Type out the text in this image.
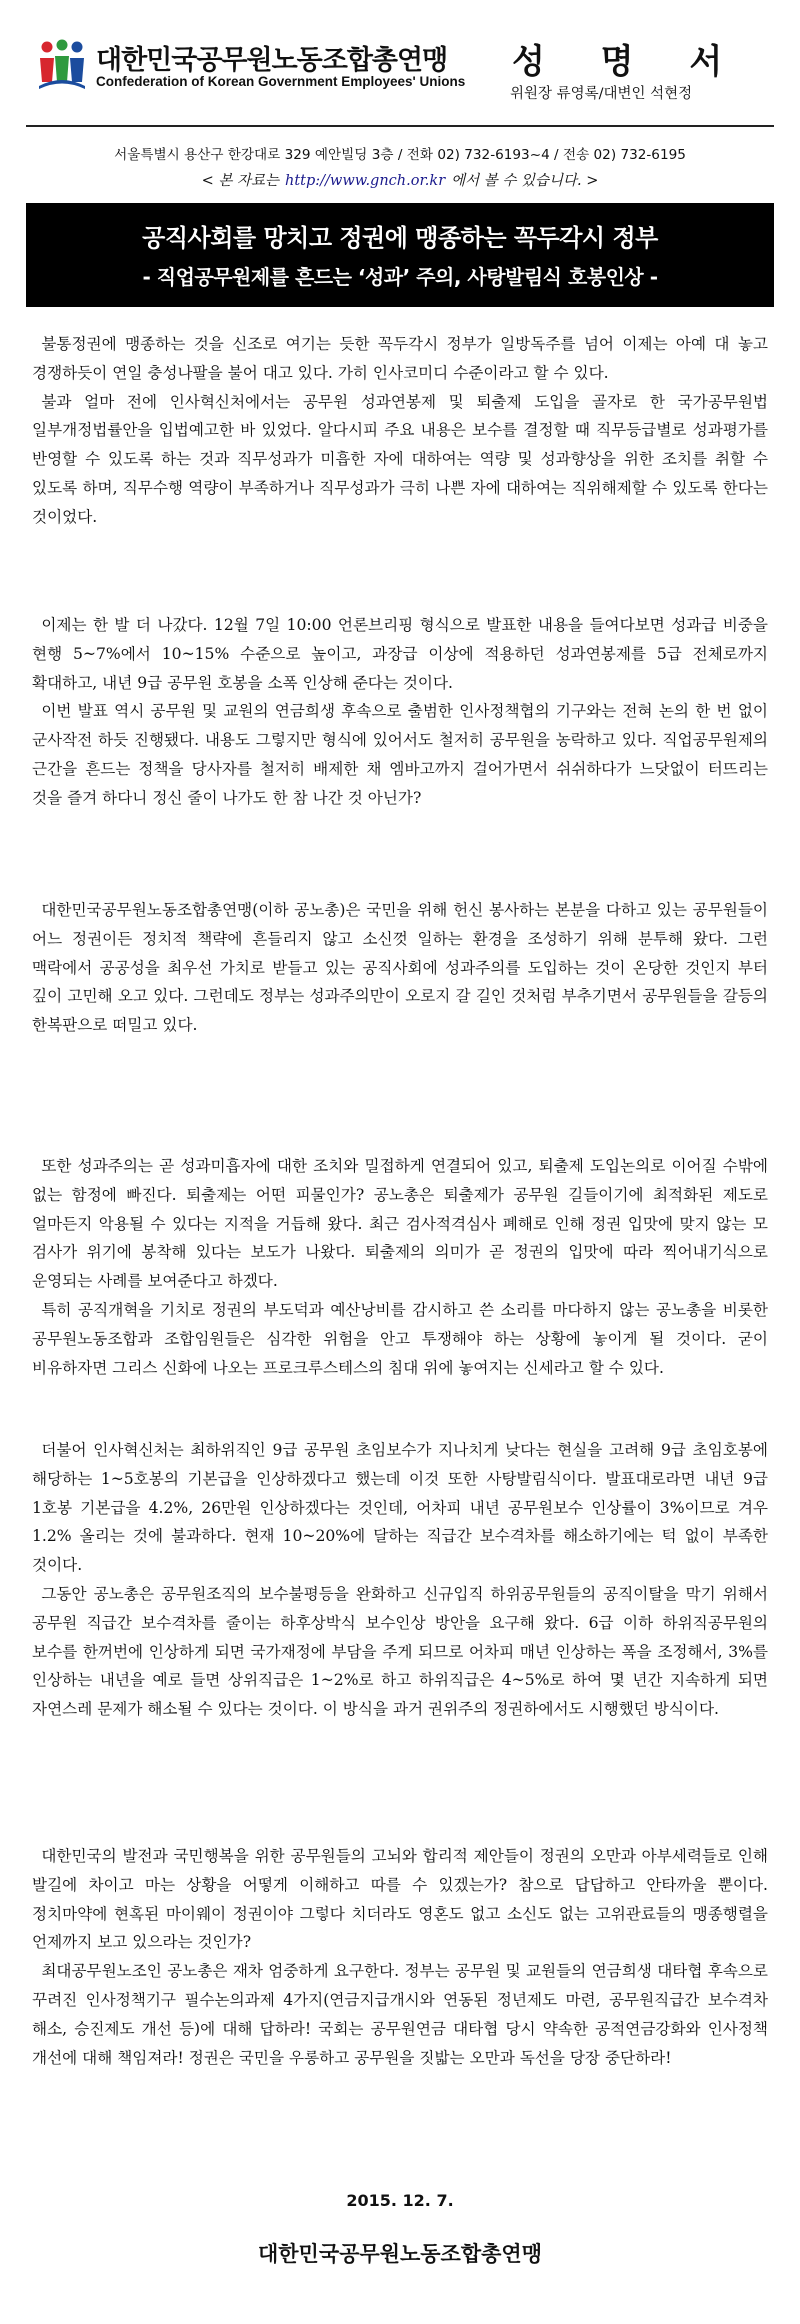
대한민국공무원노동조합총연맹
Confederation of Korean Government Employees' Unions 성 명 서
위원장 류영록/대변인 석현정
서울특별시 용산구 한강대로 329 예안빌딩 3층 / 전화 02) 732-6193~4 / 전송 02) 732-6195
< 본 자료는 http://www.gnch.or.kr 에서 볼 수 있습니다. >
공직사회를 망치고 정권에 맹종하는 꼭두각시 정부
- 직업공무원제를 흔드는 ‘성과’ 주의, 사탕발림식 호봉인상 -

불통정권에 맹종하는 것을 신조로 여기는 듯한 꼭두각시 정부가 일방독주를 넘어 이제는 아예 대 놓고 경쟁하듯이 연일 충성나팔을 불어 대고 있다. 가히 인사코미디 수준이라고 할 수 있다.

불과 얼마 전에 인사혁신처에서는 공무원 성과연봉제 및 퇴출제 도입을 골자로 한 국가공무원법 일부개정법률안을 입법예고한 바 있었다. 알다시피 주요 내용은 보수를 결정할 때 직무등급별로 성과평가를 반영할 수 있도록 하는 것과 직무성과가 미흡한 자에 대하여는 역량 및 성과향상을 위한 조치를 취할 수 있도록 하며, 직무수행 역량이 부족하거나 직무성과가 극히 나쁜 자에 대하여는 직위해제할 수 있도록 한다는 것이었다.

이제는 한 발 더 나갔다. 12월 7일 10:00 언론브리핑 형식으로 발표한 내용을 들여다보면 성과급 비중을 현행 5~7%에서 10~15% 수준으로 높이고, 과장급 이상에 적용하던 성과연봉제를 5급 전체로까지 확대하고, 내년 9급 공무원 호봉을 소폭 인상해 준다는 것이다.

이번 발표 역시 공무원 및 교원의 연금희생 후속으로 출범한 인사정책협의 기구와는 전혀 논의 한 번 없이 군사작전 하듯 진행됐다. 내용도 그렇지만 형식에 있어서도 철저히 공무원을 농락하고 있다. 직업공무원제의 근간을 흔드는 정책을 당사자를 철저히 배제한 채 엠바고까지 걸어가면서 쉬쉬하다가 느닷없이 터뜨리는 것을 즐겨 하다니 정신 줄이 나가도 한 참 나간 것 아닌가?

대한민국공무원노동조합총연맹(이하 공노총)은 국민을 위해 헌신 봉사하는 본분을 다하고 있는 공무원들이 어느 정권이든 정치적 책략에 흔들리지 않고 소신껏 일하는 환경을 조성하기 위해 분투해 왔다. 그런 맥락에서 공공성을 최우선 가치로 받들고 있는 공직사회에 성과주의를 도입하는 것이 온당한 것인지 부터 깊이 고민해 오고 있다. 그런데도 정부는 성과주의만이 오로지 갈 길인 것처럼 부추기면서 공무원들을 갈등의 한복판으로 떠밀고 있다.

또한 성과주의는 곧 성과미흡자에 대한 조치와 밀접하게 연결되어 있고, 퇴출제 도입논의로 이어질 수밖에 없는 함정에 빠진다. 퇴출제는 어떤 피물인가? 공노총은 퇴출제가 공무원 길들이기에 최적화된 제도로 얼마든지 악용될 수 있다는 지적을 거듭해 왔다. 최근 검사적격심사 폐해로 인해 정권 입맛에 맞지 않는 모 검사가 위기에 봉착해 있다는 보도가 나왔다. 퇴출제의 의미가 곧 정권의 입맛에 따라 찍어내기식으로 운영되는 사례를 보여준다고 하겠다.

특히 공직개혁을 기치로 정권의 부도덕과 예산낭비를 감시하고 쓴 소리를 마다하지 않는 공노총을 비롯한 공무원노동조합과 조합임원들은 심각한 위험을 안고 투쟁해야 하는 상황에 놓이게 될 것이다. 굳이 비유하자면 그리스 신화에 나오는 프로크루스테스의 침대 위에 놓여지는 신세라고 할 수 있다.

더불어 인사혁신처는 최하위직인 9급 공무원 초임보수가 지나치게 낮다는 현실을 고려해 9급 초임호봉에 해당하는 1~5호봉의 기본급을 인상하겠다고 했는데 이것 또한 사탕발림식이다. 발표대로라면 내년 9급 1호봉 기본급을 4.2%, 26만원 인상하겠다는 것인데, 어차피 내년 공무원보수 인상률이 3%이므로 겨우 1.2% 올리는 것에 불과하다. 현재 10~20%에 달하는 직급간 보수격차를 해소하기에는 턱 없이 부족한 것이다.

그동안 공노총은 공무원조직의 보수불평등을 완화하고 신규입직 하위공무원들의 공직이탈을 막기 위해서 공무원 직급간 보수격차를 줄이는 하후상박식 보수인상 방안을 요구해 왔다. 6급 이하 하위직공무원의 보수를 한꺼번에 인상하게 되면 국가재정에 부담을 주게 되므로 어차피 매년 인상하는 폭을 조정해서, 3%를 인상하는 내년을 예로 들면 상위직급은 1~2%로 하고 하위직급은 4~5%로 하여 몇 년간 지속하게 되면 자연스레 문제가 해소될 수 있다는 것이다. 이 방식을 과거 권위주의 정권하에서도 시행했던 방식이다.

대한민국의 발전과 국민행복을 위한 공무원들의 고뇌와 합리적 제안들이 정권의 오만과 아부세력들로 인해 발길에 차이고 마는 상황을 어떻게 이해하고 따를 수 있겠는가? 참으로 답답하고 안타까울 뿐이다. 정치마약에 현혹된 마이웨이 정권이야 그렇다 치더라도 영혼도 없고 소신도 없는 고위관료들의 맹종행렬을 언제까지 보고 있으라는 것인가?

최대공무원노조인 공노총은 재차 엄중하게 요구한다. 정부는 공무원 및 교원들의 연금희생 대타협 후속으로 꾸려진 인사정책기구 필수논의과제 4가지(연금지급개시와 연동된 정년제도 마련, 공무원직급간 보수격차 해소, 승진제도 개선 등)에 대해 답하라! 국회는 공무원연금 대타협 당시 약속한 공적연금강화와 인사정책 개선에 대해 책임져라! 정권은 국민을 우롱하고 공무원을 짓밟는 오만과 독선을 당장 중단하라!

2015. 12. 7.
대한민국공무원노동조합총연맹
